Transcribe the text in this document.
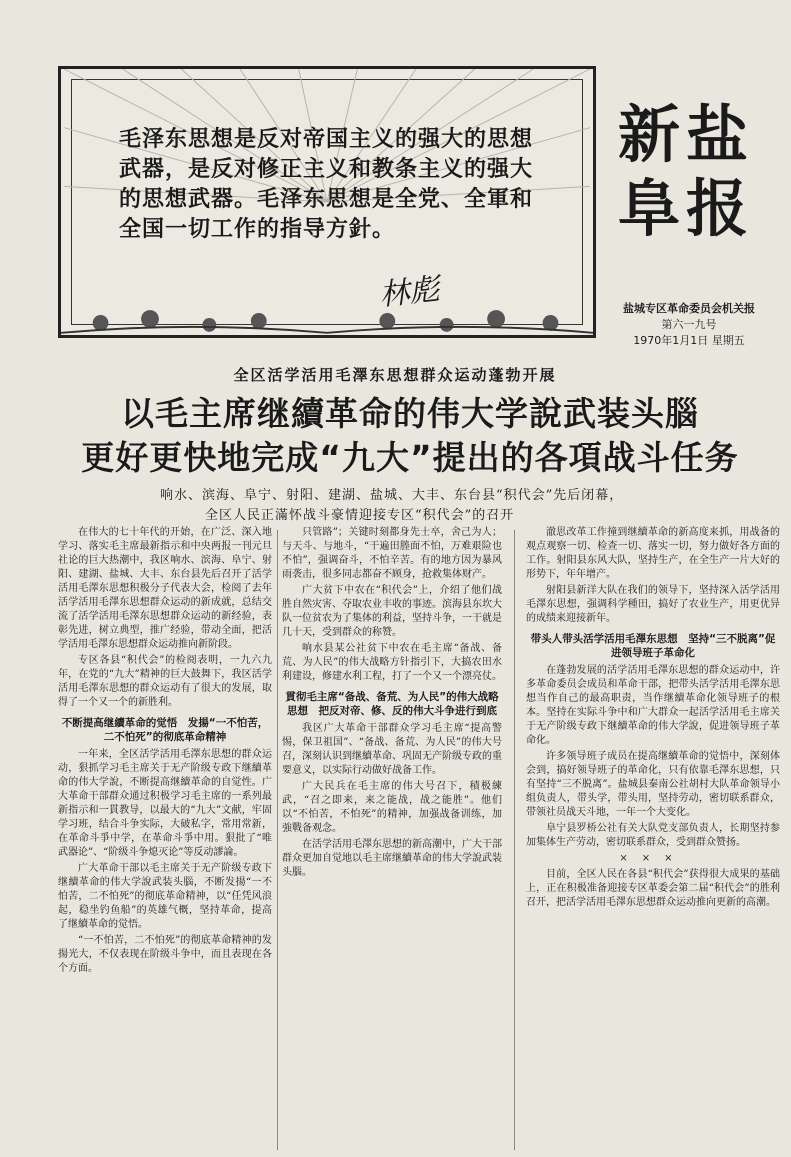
毛泽东思想是反对帝国主义的强大的思想武器，是反对修正主义和教条主义的强大的思想武器。毛泽东思想是全党、全軍和全国一切工作的指导方針。
林彪
新盐
阜报
盐城专区革命委员会机关报
第六一九号
1970年1月1日 星期五
全区活学活用毛澤东思想群众运动蓬勃开展
以毛主席继續革命的伟大学說武装头腦
更好更快地完成“九大”提出的各項战斗任务
响水、滨海、阜宁、射阳、建湖、盐城、大丰、东台县“积代会”先后闭幕，
全区人民正滿怀战斗豪情迎接专区“积代会”的召开

在伟大的七十年代的开始，在广泛、深入地学习、落实毛主席最新指示和中央两报一刊元旦社论的巨大热潮中，我区响水、滨海、阜宁、射阳、建湖、盐城、大丰、东台县先后召开了活学活用毛澤东思想积极分子代表大会，检阅了去年活学活用毛澤东思想群众运动的新成就，总结交流了活学活用毛澤东思想群众运动的新经验，表彰先进，树立典型，推广经验，带动全面，把活学活用毛澤东思想群众运动推向新阶段。

专区各县“积代会”的检阅表明，一九六九年，在党的“九大”精神的巨大鼓舞下，我区活学活用毛澤东思想的群众运动有了很大的发展，取得了一个又一个的新胜利。

不断提高继續革命的觉悟　发揚“一不怕苦，二不怕死”的彻底革命精神

一年来，全区活学活用毛澤东思想的群众运动，狠抓学习毛主席关于无产阶级专政下继續革命的伟大学說，不断提高继續革命的自觉性。广大革命干部群众通过积极学习毛主席的一系列最新指示和一貫教导，以最大的“九大”文献，牢固学习班，结合斗争实际，大破私字，常用常新，在革命斗爭中学，在革命斗爭中用。狠批了“唯武器论”、“阶级斗争熄灭论”等反动謬論。

广大革命干部以毛主席关于无产阶级专政下继續革命的伟大学說武装头腦，不断发揚“一不怕苦，二不怕死”的彻底革命精神，以“任凭风浪起，稳坐钓鱼船”的英雄气概，坚持革命，提高了继續革命的觉悟。

“一不怕苦，二不怕死”的彻底革命精神的发揚光大，不仅表现在阶级斗争中，而且表现在各个方面。

只管路”；关键时刻都身先士卒，舍己为人；与天斗、与地斗，“干遍田塍面不怕，万难艰险也不怕”，强调奋斗，不怕辛苦。有的地方因为暴风雨袭击，很多同志都奋不顾身，抢救集体财产。

广大贫下中农在“积代会”上，介绍了他们战胜自然灾害、夺取农业丰收的事迹。滨海县东坎大队一位贫农为了集体的利益，坚持斗争，一干就是几十天，受到群众的称赞。

响水县某公社贫下中农在毛主席“备战、备荒、为人民”的伟大战略方针指引下，大搞农田水利建设，修建水利工程，打了一个又一个漂亮仗。

貫彻毛主席“备战、备荒、为人民”的伟大战略思想　把反对帝、修、反的伟大斗争进行到底

我区广大革命干部群众学习毛主席“提高警惕，保卫祖国”、“备战、备荒、为人民”的伟大号召，深刻认识到继續革命、巩固无产阶级专政的重要意义，以实际行动做好战备工作。

广大民兵在毛主席的伟大号召下，積极練武，“召之即来，来之能战，战之能胜”。他们以“不怕苦，不怕死”的精神，加强战备训练，加強戰备观念。

在活学活用毛澤东思想的新高潮中，广大干部群众更加自觉地以毛主席继續革命的伟大学說武装头腦。

澈思改革工作撞到继續革命的新高度来抓，用战备的观点观察一切、检查一切、落实一切，努力做好各方面的工作。射阳县东风大队，坚持生产，在全生产一片大好的形势下，年年增产。

射阳县新洋大队在我们的领导下，坚持深入活学活用毛澤东思想，强调科学種田，搞好了农业生产，用更优异的成绩来迎接新年。

带头人带头活学活用毛澤东思想　坚持“三不脱离”促进领导班子革命化

在蓬勃发展的活学活用毛澤东思想的群众运动中，许多革命委员会成员和革命干部，把带头活学活用毛澤东思想当作自己的最高职责，当作继續革命化领导班子的根本。坚持在实际斗争中和广大群众一起活学活用毛主席关于无产阶级专政下继續革命的伟大学說，促进领导班子革命化。

许多领导班子成员在提高继續革命的觉悟中，深刻体会到，搞好领导班子的革命化，只有依靠毛澤东思想，只有坚持“三不脱离”。盐城县秦南公社胡村大队革命领导小组负责人，带头学，带头用，坚持劳动，密切联系群众，带领社员战天斗地，一年一个大变化。

阜宁县罗桥公社有关大队党支部负责人，长期坚持参加集体生产劳动，密切联系群众，受到群众赞扬。

×××

目前，全区人民在各县“积代会”获得很大成果的基础上，正在积极准备迎接专区革委会第二届“积代会”的胜利召开，把活学活用毛澤东思想群众运动推向更新的高潮。
